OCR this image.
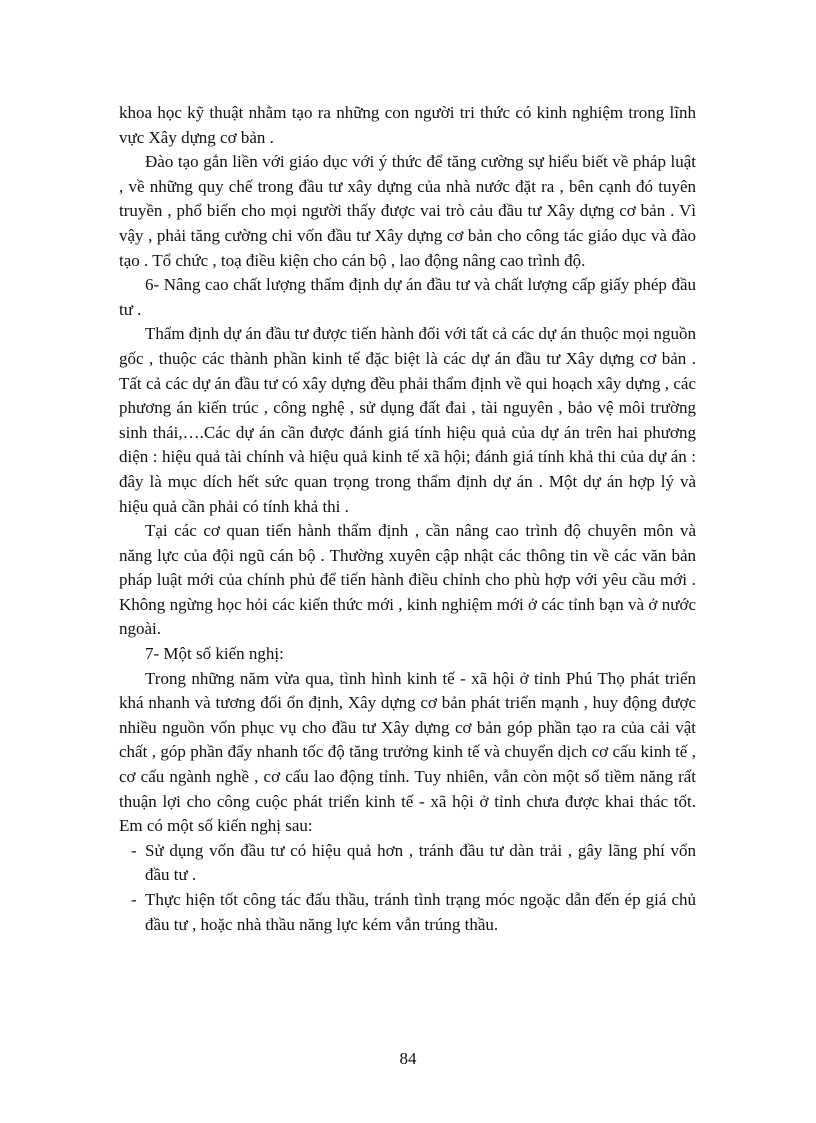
khoa học kỹ thuật nhằm tạo ra những con người tri thức có kinh nghiệm trong lĩnh vực Xây dựng cơ bản .

Đào tạo gắn liền với giáo dục với ý thức để tăng cường sự hiểu biết về pháp luật , về những quy chế trong đầu tư xây dựng của nhà nước đặt ra , bên cạnh đó tuyên truyền , phổ biến cho mọi người thấy được vai trò cảu đầu tư Xây dựng cơ bản . Vì vậy , phải tăng cường chi vốn đầu tư Xây dựng cơ bản cho công tác giáo dục và đào tạo . Tổ chức , toạ điều kiện cho cán bộ , lao động nâng cao trình độ.

6- Nâng cao chất lượng thẩm định dự án đầu tư và chất lượng cấp giấy phép đầu tư .

Thẩm định dự án đầu tư được tiến hành đối với tất cả các dự án thuộc mọi nguồn gốc , thuộc các thành phần kinh tế đặc biệt là các dự án đầu tư Xây dựng cơ bản . Tất cả các dự án đầu tư có xây dựng đều phải thẩm định về qui hoạch xây dựng , các phương án kiến trúc , công nghệ , sử dụng đất đai , tài nguyên , bảo vệ môi trường sinh thái,….Các dự án cần được đánh giá tính hiệu quả của dự án trên hai phương diện : hiệu quả tài chính và hiệu quả kinh tế xã hội; đánh giá tính khả thi của dự án : đây là mục dích hết sức quan trọng trong thẩm định dự án . Một dự án hợp lý và hiệu quả cần phải có tính khả thi .

Tại các cơ quan tiến hành thẩm định , cần nâng cao trình độ chuyên môn và năng lực của đội ngũ cán bộ . Thường xuyên cập nhật các thông tin về các văn bản pháp luật mới của chính phủ để tiến hành điều chỉnh cho phù hợp với yêu cầu mới . Không ngừng học hỏi các kiến thức mới , kinh nghiệm mới ở các tỉnh bạn và ở nước ngoài.

7- Một số kiến nghị:

Trong những năm vừa qua, tình hình kinh tế - xã hội ở tỉnh Phú Thọ phát triển khá nhanh và tương đối ổn định, Xây dựng cơ bản phát triển mạnh , huy động được nhiều nguồn vốn phục vụ cho đầu tư Xây dựng cơ bản góp phần tạo ra của cải vật chất , góp phần đẩy nhanh tốc độ tăng trưởng kinh tế và chuyển dịch cơ cấu kinh tế , cơ cấu ngành nghề , cơ cấu lao động tỉnh. Tuy nhiên, vẫn còn một số tiềm năng rất thuận lợi cho công cuộc phát triển kinh tế - xã hội ở tỉnh chưa được khai thác tốt. Em có một số kiến nghị sau:

- Sử dụng vốn đầu tư có hiệu quả hơn , tránh đầu tư dàn trải , gây lãng phí vốn đầu tư .
- Thực hiện tốt công tác đấu thầu, tránh tình trạng móc ngoặc dẫn đến ép giá chủ đầu tư , hoặc nhà thầu năng lực kém vẫn trúng thầu.
84
